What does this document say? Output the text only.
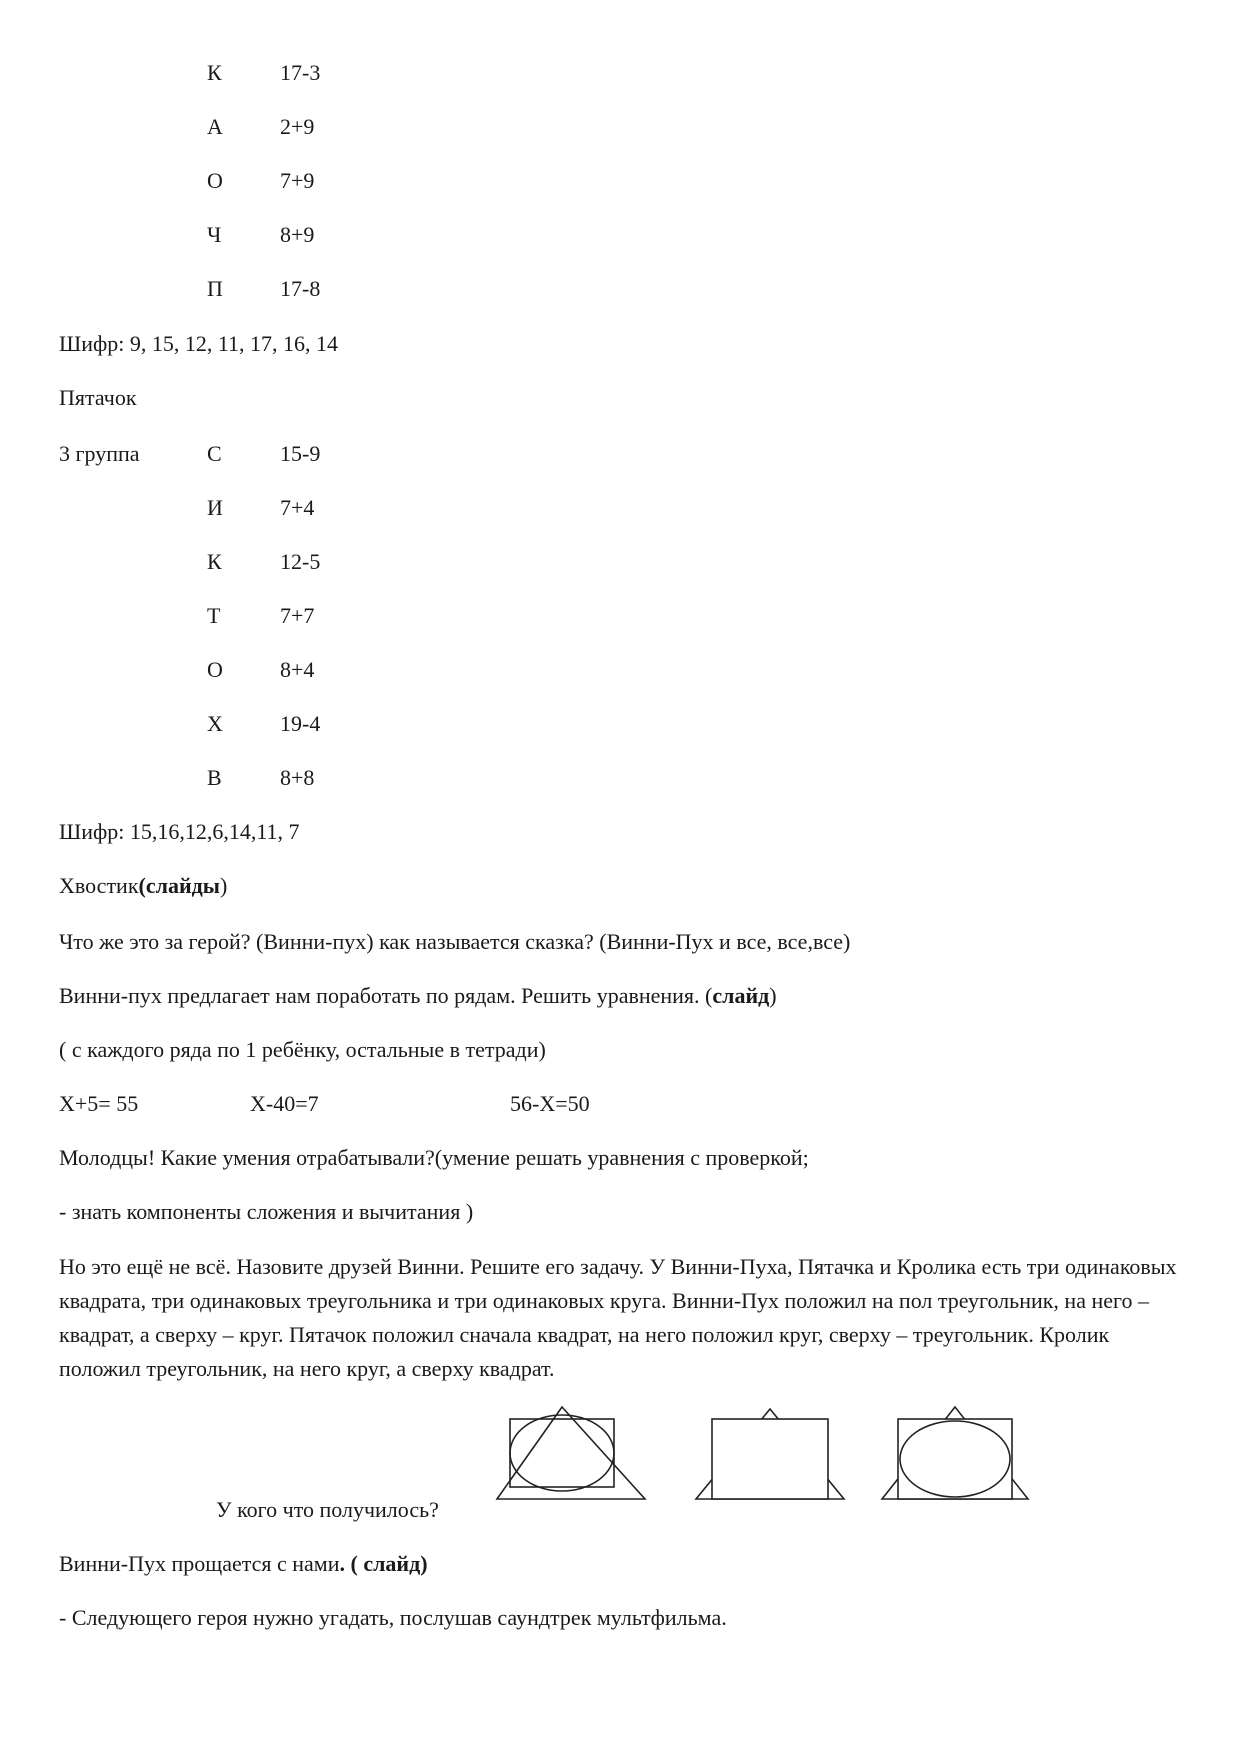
К	17-3
А	2+9
О	7+9
Ч	8+9
П	17-8
Шифр: 9, 15, 12, 11, 17, 16, 14
Пятачок
3 группа	С	15-9
И	7+4
К	12-5
Т	7+7
О	8+4
Х	19-4
В	8+8
Шифр: 15,16,12,6,14,11, 7
Хвостик(слайды)
Что же это за герой? (Винни-пух) как называется сказка? (Винни-Пух и все, все,все)
Винни-пух предлагает нам поработать по рядам. Решить уравнения. (слайд)
( с каждого ряда по 1 ребёнку, остальные в тетради)
Х+5= 55	Х-40=7	56-Х=50
Молодцы! Какие умения отрабатывали?(умение решать уравнения с проверкой;
- знать компоненты сложения и вычитания )
Но это ещё не всё. Назовите друзей Винни. Решите его задачу. У Винни-Пуха, Пятачка и Кролика есть три одинаковых квадрата, три одинаковых треугольника и три одинаковых круга. Винни-Пух положил на пол треугольник, на него – квадрат, а сверху – круг. Пятачок положил сначала квадрат, на него положил круг, сверху – треугольник. Кролик положил треугольник, на него круг, а сверху квадрат.
У кого что получилось?
Винни-Пух прощается с нами. ( слайд)
- Следующего героя нужно угадать, послушав саундтрек мультфильма.
